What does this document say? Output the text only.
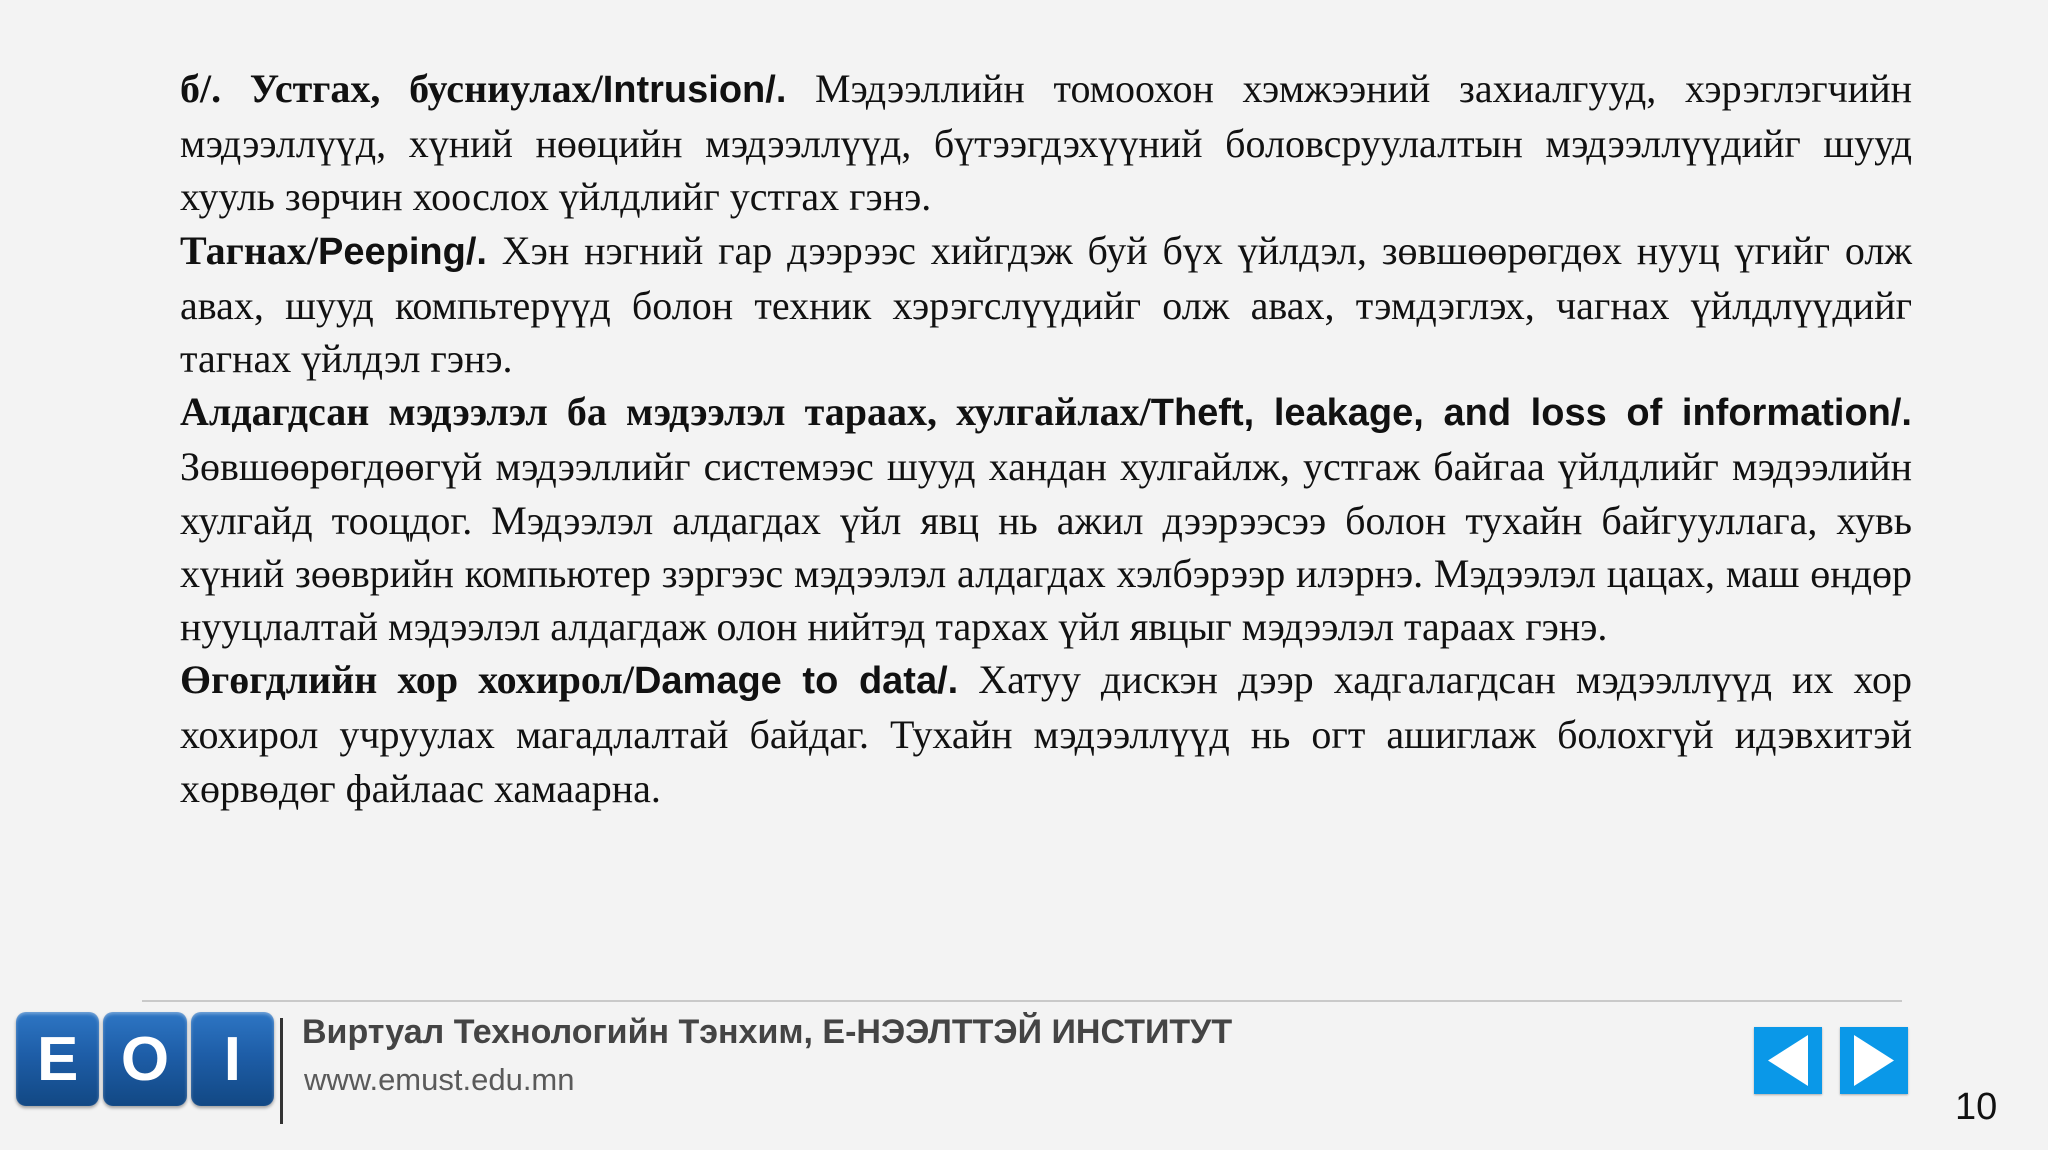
б/. Устгах, бусниулах/Intrusion/. Мэдээллийн томоохон хэмжээний захиалгууд, хэрэглэгчийн мэдээллүүд, хүний нөөцийн мэдээллүүд, бүтээгдэхүүний боловсруулалтын мэдээллүүдийг шууд хууль зөрчин хоослох үйлдлийг устгах гэнэ.

Тагнах/Peeping/. Хэн нэгний гар дээрээс хийгдэж буй бүх үйлдэл, зөвшөөрөгдөх нууц үгийг олж авах, шууд компьтерүүд болон техник хэрэгслүүдийг олж авах, тэмдэглэх, чагнах үйлдлүүдийг тагнах үйлдэл гэнэ.

Алдагдсан мэдээлэл ба мэдээлэл тараах, хулгайлах/Theft, leakage, and loss of information/. Зөвшөөрөгдөөгүй мэдээллийг системээс шууд хандан хулгайлж, устгаж байгаа үйлдлийг мэдээлийн хулгайд тооцдог. Мэдээлэл алдагдах үйл явц нь ажил дээрээсээ болон тухайн байгууллага, хувь хүний зөөврийн компьютер зэргээс мэдээлэл алдагдах хэлбэрээр илэрнэ. Мэдээлэл цацах, маш өндөр нууцлалтай мэдээлэл алдагдаж олон нийтэд тархах үйл явцыг мэдээлэл тараах гэнэ.

Өгөгдлийн хор хохирол/Damage to data/. Хатуу дискэн дээр хадгалагдсан мэдээллүүд их хор хохирол учруулах магадлалтай байдаг. Тухайн мэдээллүүд нь огт ашиглаж болохгүй идэвхитэй хөрвөдөг файлаас хамаарна.

E O I	Виртуал Технологийн Тэнхим, Е-НЭЭЛТТЭЙ ИНСТИТУТ
www.emust.edu.mn
10
